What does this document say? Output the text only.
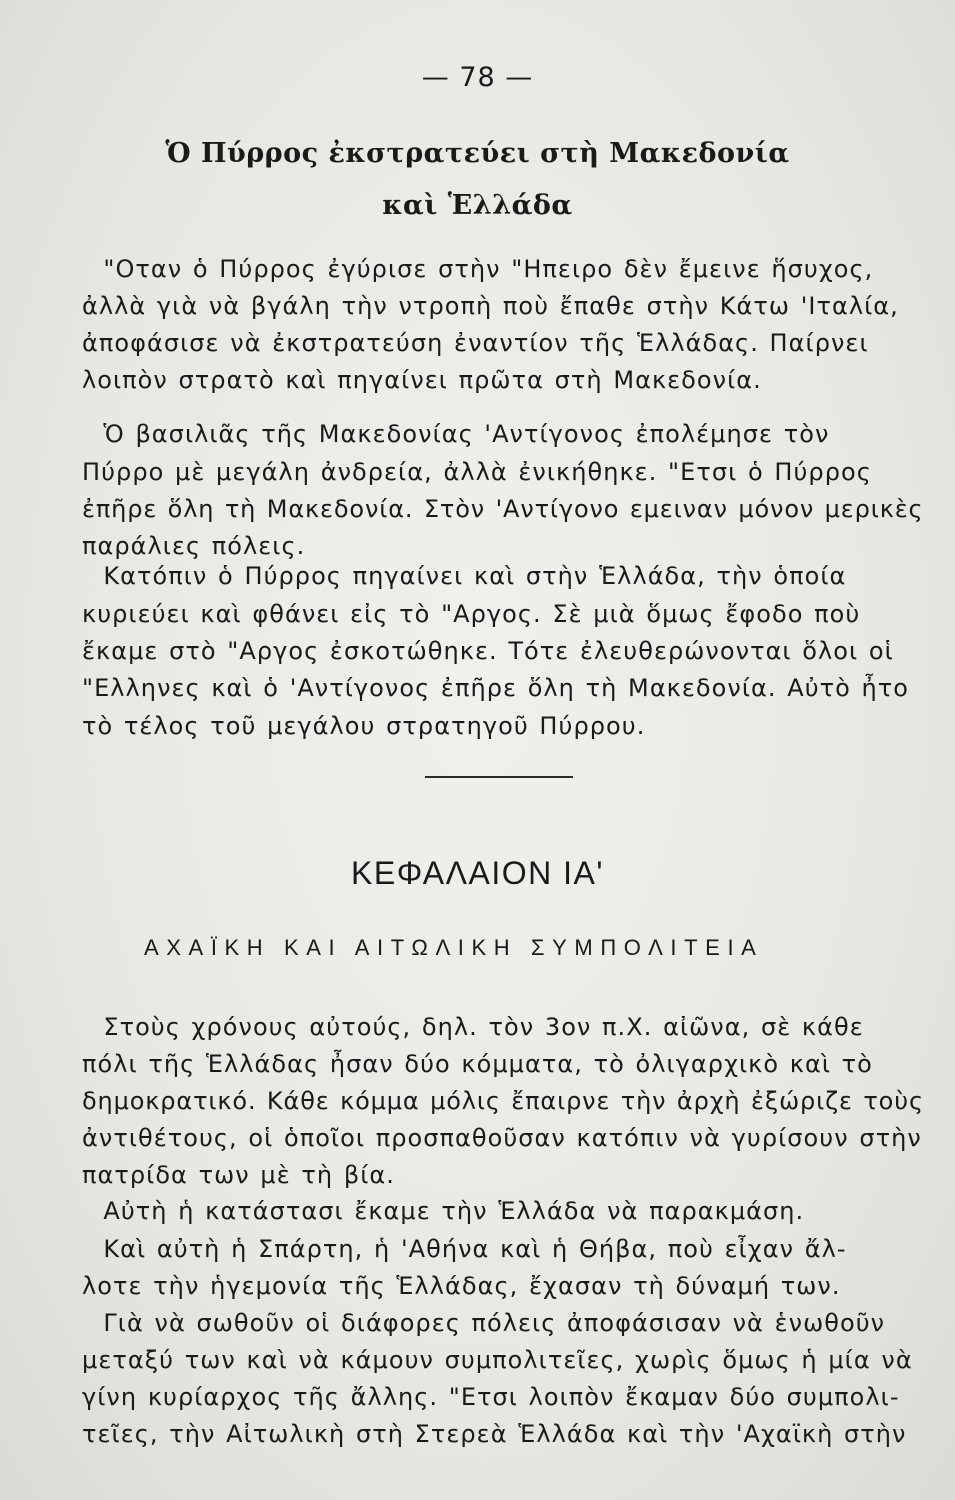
— 78 —
Ὁ Πύρρος ἐκστρατεύει στὴ Μακεδονία
καὶ Ἑλλάδα
"Οταν ὁ Πύρρος ἐγύρισε στὴν "Ηπειρο δὲν ἔμεινε ἥσυχος,
ἀλλὰ γιὰ νὰ βγάλη τὴν ντροπὴ ποὺ ἔπαθε στὴν Κάτω 'Ιταλία,
ἀποφάσισε νὰ ἐκστρατεύση ἐναντίον τῆς Ἑλλάδας. Παίρνει
λοιπὸν στρατὸ καὶ πηγαίνει πρῶτα στὴ Μακεδονία.
Ὁ βασιλιᾶς τῆς Μακεδονίας 'Αντίγονος ἐπολέμησε τὸν
Πύρρο μὲ μεγάλη ἀνδρεία, ἀλλὰ ἐνικήθηκε. "Ετσι ὁ Πύρρος
ἐπῆρε ὅλη τὴ Μακεδονία. Στὸν 'Αντίγονο εμειναν μόνον μερικὲς
παράλιες πόλεις.
Κατόπιν ὁ Πύρρος πηγαίνει καὶ στὴν Ἑλλάδα, τὴν ὁποία
κυριεύει καὶ φθάνει εἰς τὸ "Αργος. Σὲ μιὰ ὅμως ἔφοδο ποὺ
ἔκαμε στὸ "Αργος ἐσκοτώθηκε. Τότε ἐλευθερώνονται ὅλοι οἱ
"Ελληνες καὶ ὁ 'Αντίγονος ἐπῆρε ὅλη τὴ Μακεδονία. Αὐτὸ ἦτο
τὸ τέλος τοῦ μεγάλου στρατηγοῦ Πύρρου.
ΚΕΦΑΛΑΙΟΝ ΙΑ'
ΑΧΑΪΚΗ ΚΑΙ ΑΙΤΩΛΙΚΗ ΣΥΜΠΟΛΙΤΕΙΑ
Στοὺς χρόνους αὐτούς, δηλ. τὸν 3ον π.Χ. αἰῶνα, σὲ κάθε
πόλι τῆς Ἑλλάδας ἦσαν δύο κόμματα, τὸ ὀλιγαρχικὸ καὶ τὸ
δημοκρατικό. Κάθε κόμμα μόλις ἔπαιρνε τὴν ἀρχὴ ἐξώριζε τοὺς
ἀντιθέτους, οἱ ὁποῖοι προσπαθοῦσαν κατόπιν νὰ γυρίσουν στὴν
πατρίδα των μὲ τὴ βία.
Αὐτὴ ἡ κατάστασι ἔκαμε τὴν Ἑλλάδα νὰ παρακμάση.
Καὶ αὐτὴ ἡ Σπάρτη, ἡ 'Αθήνα καὶ ἡ Θήβα, ποὺ εἶχαν ἄλ-
λοτε τὴν ἡγεμονία τῆς Ἑλλάδας, ἔχασαν τὴ δύναμή των.
Γιὰ νὰ σωθοῦν οἱ διάφορες πόλεις ἀποφάσισαν νὰ ἑνωθοῦν
μεταξύ των καὶ νὰ κάμουν συμπολιτεῖες, χωρὶς ὅμως ἡ μία νὰ
γίνη κυρίαρχος τῆς ἄλλης. "Ετσι λοιπὸν ἔκαμαν δύο συμπολι-
τεῖες, τὴν Αἰτωλικὴ στὴ Στερεὰ Ἑλλάδα καὶ τὴν 'Αχαϊκὴ στὴν
